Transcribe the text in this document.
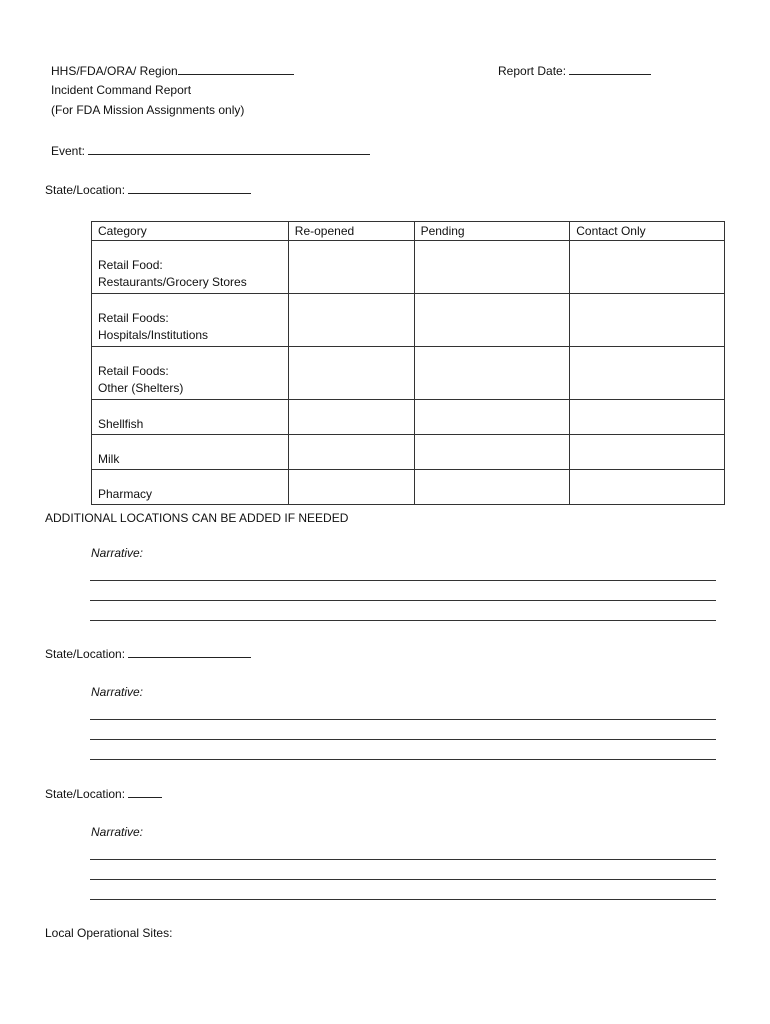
HHS/FDA/ORA/ Region	Report Date:
Incident Command Report
(For FDA Mission Assignments only)
Event:
State/Location:
Category	Re-opened	Pending	Contact Only

Retail Food:
Restaurants/Grocery Stores			

Retail Foods:
Hospitals/Institutions			

Retail Foods:
Other (Shelters)			

Shellfish			
Milk			
Pharmacy			
ADDITIONAL LOCATIONS CAN BE ADDED IF NEEDED
Narrative:
State/Location:
Narrative:
State/Location:
Narrative:
Local Operational Sites:
